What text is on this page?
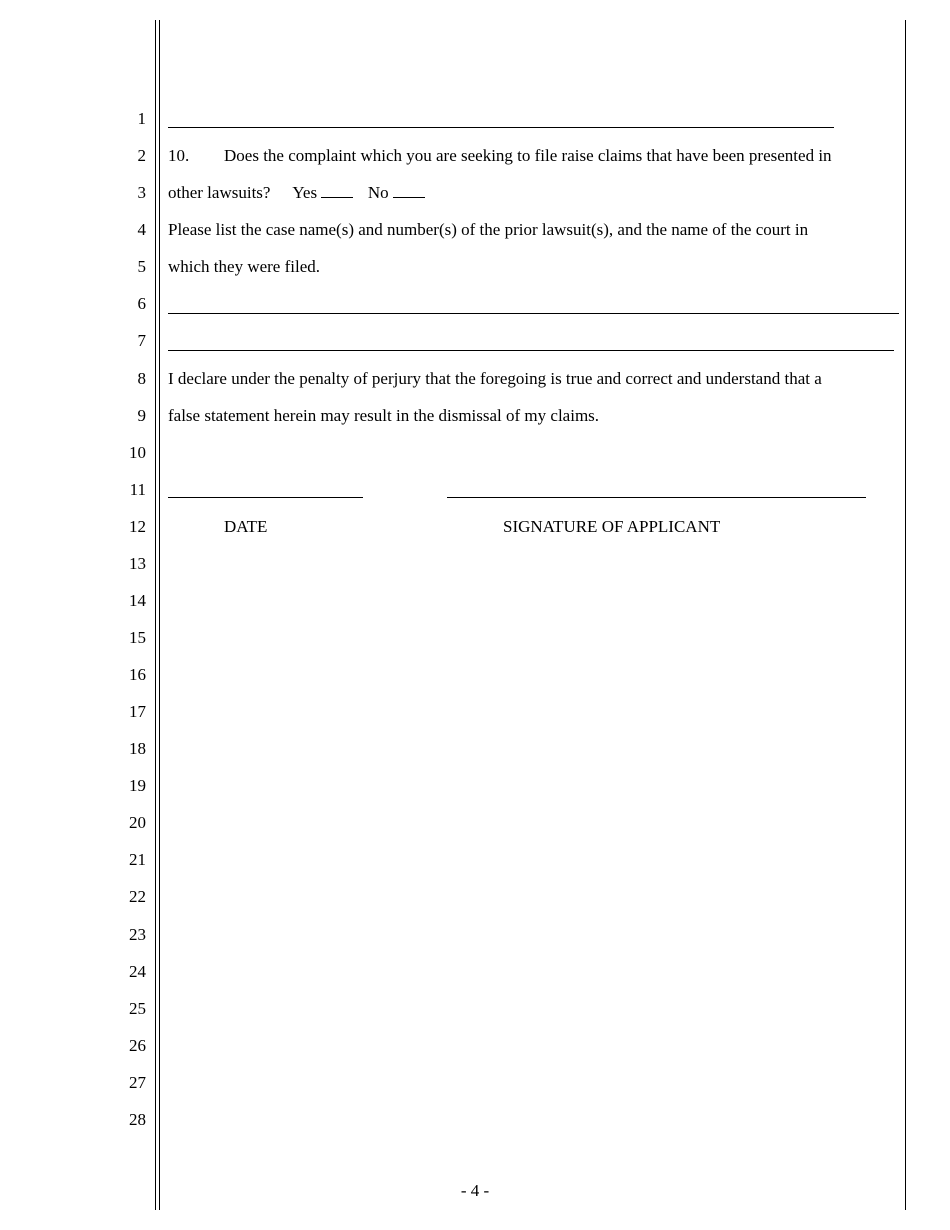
1
2
3
4
5
6
7
8
9
10
11
12
13
14
15
16
17
18
19
20
21
22
23
24
25
26
27
28
10. Does the complaint which you are seeking to file raise claims that have been presented in
other lawsuits? Yes	No
Please list the case name(s) and number(s) of the prior lawsuit(s), and the name of the court in
which they were filed.
I declare under the penalty of perjury that the foregoing is true and correct and understand that a
false statement herein may result in the dismissal of my claims.
DATE	SIGNATURE OF APPLICANT
- 4 -
